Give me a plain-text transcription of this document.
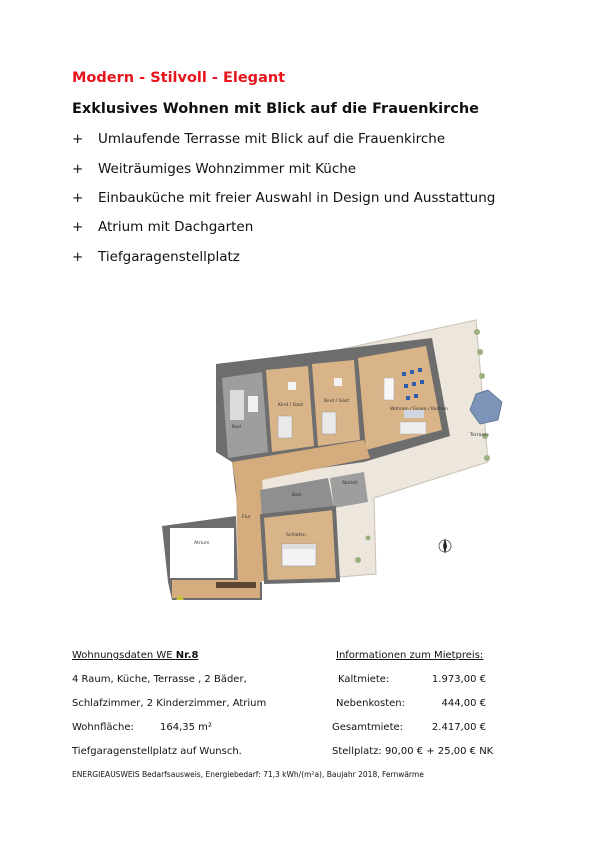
Modern - Stilvoll - Elegant
Exklusives Wohnen mit Blick auf die Frauenkirche
+ Umlaufende Terrasse mit Blick auf die Frauenkirche
+ Weiträumiges Wohnzimmer mit Küche
+ Einbauküche mit freier Auswahl in Design und Ausstattung
+ Atrium mit Dachgarten
+ Tiefgaragenstellplatz
Bad
Kind / Gast
Kind / Gast
Wohnen / Essen / Kochen
Terrasse
Abstell
Flur
Bad
Schlafen
Atrium
Wohnungsdaten WE Nr.8
4 Raum, Küche, Terrasse , 2 Bäder,
Schlafzimmer, 2 Kinderzimmer, Atrium
Wohnfläche:	164,35 m²
Tiefgaragenstellplatz auf Wunsch.
Informationen zum Mietpreis:
Kaltmiete:	1.973,00 €
Nebenkosten:	444,00 €
Gesamtmiete:	2.417,00 €
Stellplatz: 90,00 € + 25,00 € NK
ENERGIEAUSWEIS Bedarfsausweis, Energiebedarf: 71,3 kWh/(m²a), Baujahr 2018, Fernwärme
